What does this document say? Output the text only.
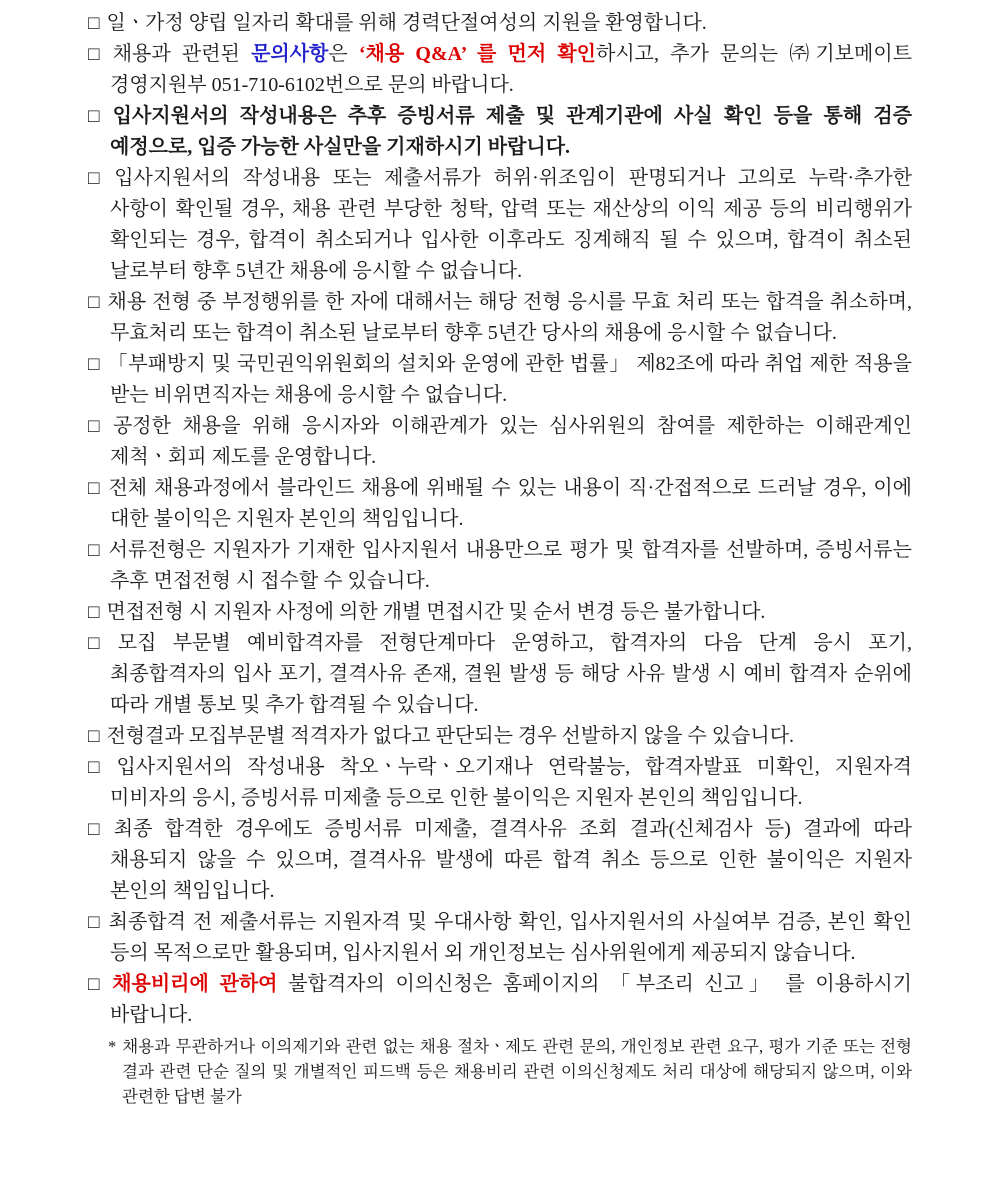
□ 일ㆍ가정 양립 일자리 확대를 위해 경력단절여성의 지원을 환영합니다.

□ 채용과 관련된 문의사항은 ‘채용 Q&A’ 를 먼저 확인하시고, 추가 문의는 ㈜기보메이트 경영지원부 051-710-6102번으로 문의 바랍니다.

□ 입사지원서의 작성내용은 추후 증빙서류 제출 및 관계기관에 사실 확인 등을 통해 검증 예정으로, 입증 가능한 사실만을 기재하시기 바랍니다.

□ 입사지원서의 작성내용 또는 제출서류가 허위·위조임이 판명되거나 고의로 누락·추가한 사항이 확인될 경우, 채용 관련 부당한 청탁, 압력 또는 재산상의 이익 제공 등의 비리행위가 확인되는 경우, 합격이 취소되거나 입사한 이후라도 징계해직 될 수 있으며, 합격이 취소된 날로부터 향후 5년간 채용에 응시할 수 없습니다.

□ 채용 전형 중 부정행위를 한 자에 대해서는 해당 전형 응시를 무효 처리 또는 합격을 취소하며, 무효처리 또는 합격이 취소된 날로부터 향후 5년간 당사의 채용에 응시할 수 없습니다.

□ 「부패방지 및 국민권익위원회의 설치와 운영에 관한 법률」 제82조에 따라 취업 제한 적용을 받는 비위면직자는 채용에 응시할 수 없습니다.

□ 공정한 채용을 위해 응시자와 이해관계가 있는 심사위원의 참여를 제한하는 이해관계인 제척ㆍ회피 제도를 운영합니다.

□ 전체 채용과정에서 블라인드 채용에 위배될 수 있는 내용이 직·간접적으로 드러날 경우, 이에 대한 불이익은 지원자 본인의 책임입니다.

□ 서류전형은 지원자가 기재한 입사지원서 내용만으로 평가 및 합격자를 선발하며, 증빙서류는 추후 면접전형 시 접수할 수 있습니다.

□ 면접전형 시 지원자 사정에 의한 개별 면접시간 및 순서 변경 등은 불가합니다.

□ 모집 부문별 예비합격자를 전형단계마다 운영하고, 합격자의 다음 단계 응시 포기, 최종합격자의 입사 포기, 결격사유 존재, 결원 발생 등 해당 사유 발생 시 예비 합격자 순위에 따라 개별 통보 및 추가 합격될 수 있습니다.

□ 전형결과 모집부문별 적격자가 없다고 판단되는 경우 선발하지 않을 수 있습니다.

□ 입사지원서의 작성내용 착오ㆍ누락ㆍ오기재나 연락불능, 합격자발표 미확인, 지원자격 미비자의 응시, 증빙서류 미제출 등으로 인한 불이익은 지원자 본인의 책임입니다.

□ 최종 합격한 경우에도 증빙서류 미제출, 결격사유 조회 결과(신체검사 등) 결과에 따라 채용되지 않을 수 있으며, 결격사유 발생에 따른 합격 취소 등으로 인한 불이익은 지원자 본인의 책임입니다.

□ 최종합격 전 제출서류는 지원자격 및 우대사항 확인, 입사지원서의 사실여부 검증, 본인 확인 등의 목적으로만 활용되며, 입사지원서 외 개인정보는 심사위원에게 제공되지 않습니다.

□ 채용비리에 관하여 불합격자의 이의신청은 홈페이지의 「부조리 신고」 를 이용하시기 바랍니다.

* 채용과 무관하거나 이의제기와 관련 없는 채용 절차ㆍ제도 관련 문의, 개인정보 관련 요구, 평가 기준 또는 전형 결과 관련 단순 질의 및 개별적인 피드백 등은 채용비리 관련 이의신청제도 처리 대상에 해당되지 않으며, 이와 관련한 답변 불가
